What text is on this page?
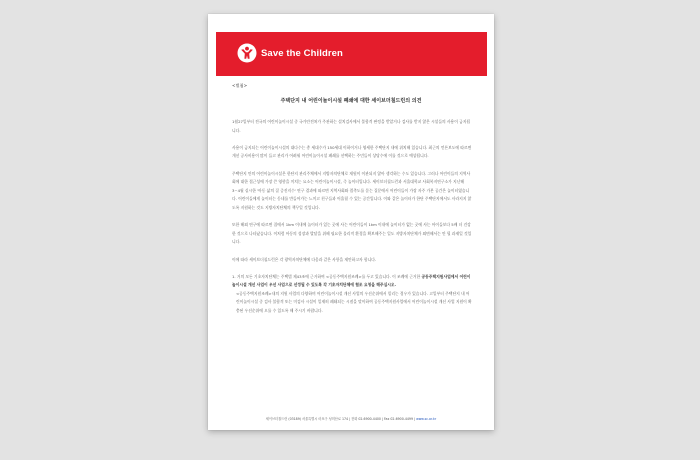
Save the Children
<별첨>
주택단지 내 어린이놀이시설 폐쇄에 대한 세이브더칠드런의 의견

1월27일부터 전국의 어린이놀이시설 중 국가안전처가 주관하는 설치검사에서 불합격 판정을 받았거나 검사를 받지 않은 시설들의 사용이 금지됩니다.

사용이 금지되는 어린이놀이시설의 대다수는 총 세대수가 150세대 이하이거나 영세한 주택단지 내에 위치해 있습니다. 최근의 언론보도에 따르면 개선 공사비용이 많이 들고 관리가 어려워 어린이놀이시설 폐쇄를 선택하는 주민들이 상당수에 이를 것으로 예상됩니다.

주택단지 안의 어린이놀이시설은 한단지 관리주체에서 지방자치단체로 재원이 이관되지 않아 생각하는 수도 있습니다. 그러나 어린이들의 지역사회에 대한 접근성에 가장 큰 영향을 끼치는 요소는 어린이놀이시설, 즉 놀이터입니다. 세이브더칠드런과 서울대학교 사회복지연구소가 지난해 3~4월 실시한 '아동 삶의 질 증진지수' 연구 결과에 따르면 지역사회와 접촉도를 묻는 질문에서 어린이들이 가장 자주 가본 공간은 놀이터였습니다. 어린이들에게 놀이터는 동네를 만들어가는 느끼고 친구들과 어울릴 수 있는 공간입니다. 이와 같은 놀이터가 한단 주택단지에서도 사라지지 않도록 지원하는 것도 지방자치단체의 책무일 것입니다.

또한 해외 연구에 따르면 집에서 1km 이내에 놀이터가 있는 곳에 사는 어린이들이 1km 이내에 놀이터가 없는 곳에 사는 아이들보다 5배 더 건강한 것으로 나타났습니다. 이처럼 아동의 성장과 발달을 위해 필요한 물리적 환경을 확보해주는 일도 지방자치단체가 외면해서는 안 될 과제일 것입니다.

이에 따라 세이브더칠드런은 각 광역자치단체에 다음과 같은 사항을 제안하고자 합니다.

1. 거의 모든 기초자치단체는 주택법 제43조에 근거하여 <공동주택지원조례>를 두고 있습니다. 이 조례에 근거한 공동주택지원사업에서 어린이놀이시설 개선 사업이 우선 사업으로 선정될 수 있도록 각 기초자치단체에 협조 요청을 해주십시오.

<공동주택지원조례>내의 지원 사업의 다양하며 어린이놀이시설 개선 사업의 우선순위에서 밀리는 경우가 있습니다. 고일부터 주택단지 내 어린이놀이시설 중 검사 불합격 또는 미검사 시설이 일제히 폐쇄되는 시점을 맞이하여 공동주택지원사업에서 어린이놀이시설 개선 사업 지원이 확충된 우선순위에 오를 수 있도록 해 주시기 바랍니다.

세이브더칠드런 (03189) 서울특별시 마포구 성미산로 174 | 전화 02-6900-4400 | Fax 02-6900-4499 | www.sc.or.kr
